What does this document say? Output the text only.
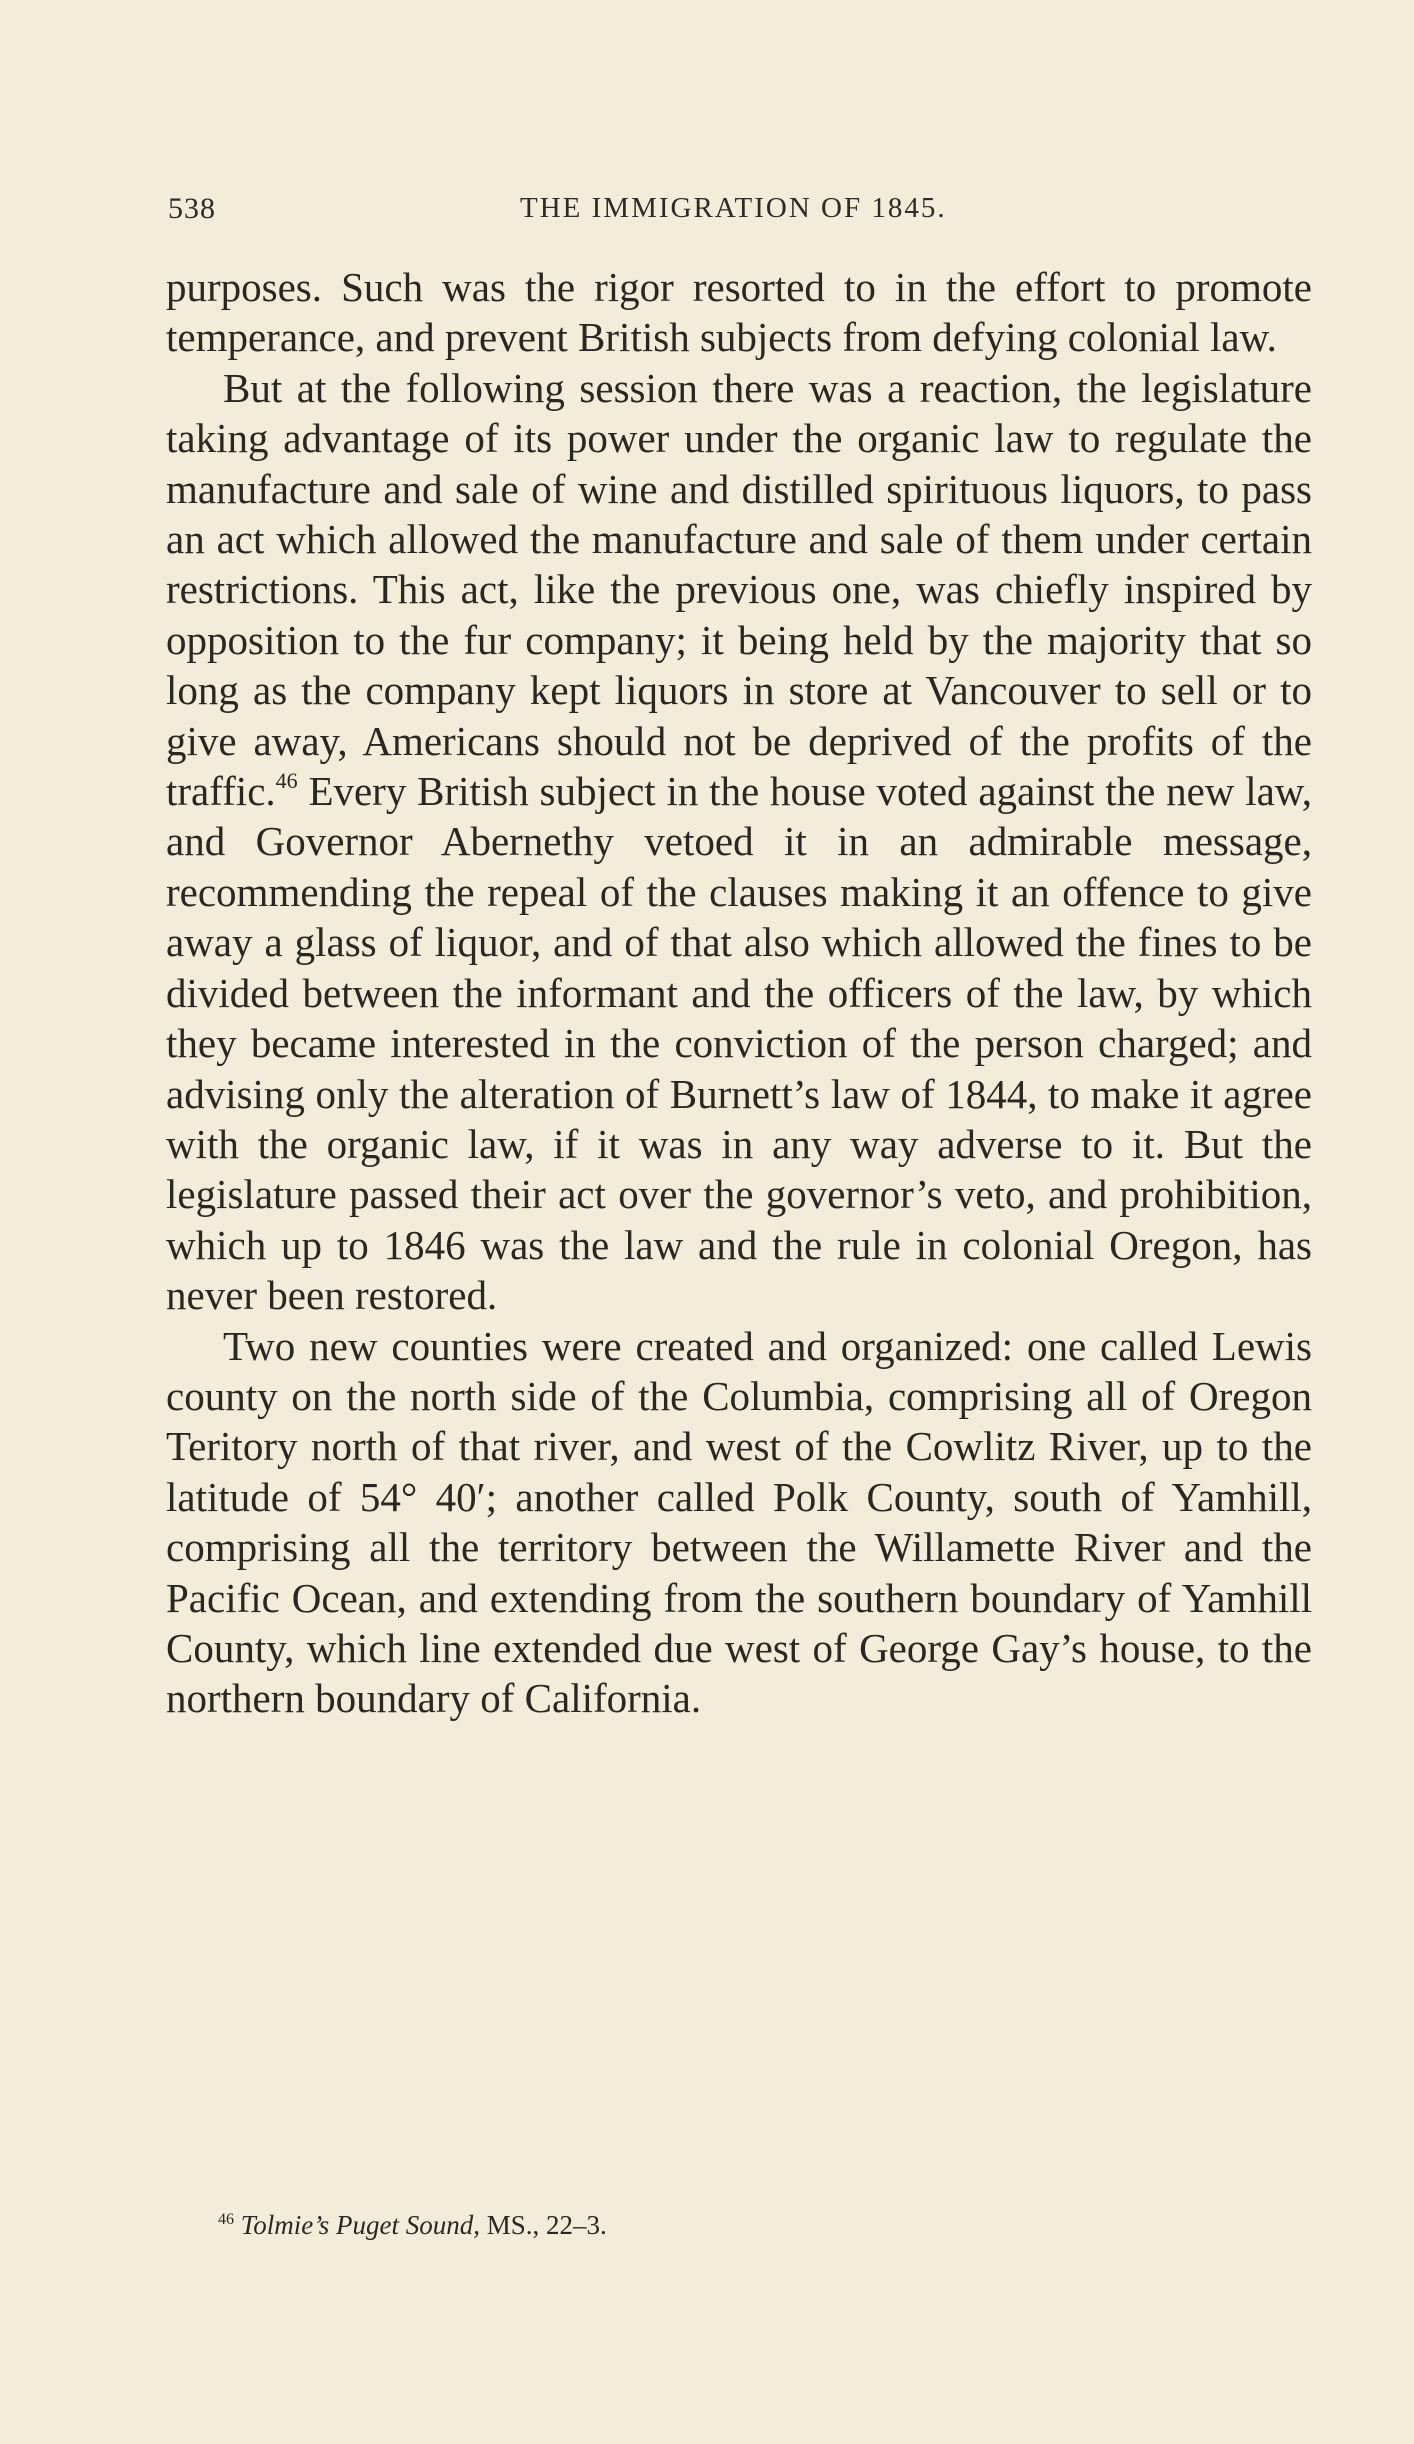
538	THE IMMIGRATION OF 1845.

purposes. Such was the rigor resorted to in the effort to promote temperance, and prevent British subjects from defying colonial law.

But at the following session there was a reaction, the legislature taking advantage of its power under the organic law to regulate the manufacture and sale of wine and distilled spirituous liquors, to pass an act which allowed the manufacture and sale of them under certain restrictions. This act, like the previous one, was chiefly inspired by opposition to the fur company; it being held by the majority that so long as the company kept liquors in store at Vancouver to sell or to give away, Americans should not be deprived of the profits of the traffic.$^{46}$ Every British subject in the house voted against the new law, and Governor Abernethy vetoed it in an admirable message, recommending the repeal of the clauses making it an offence to give away a glass of liquor, and of that also which allowed the fines to be divided between the informant and the officers of the law, by which they became interested in the conviction of the person charged; and advising only the alteration of Burnett’s law of 1844, to make it agree with the organic law, if it was in any way adverse to it. But the legislature passed their act over the governor’s veto, and prohibition, which up to 1846 was the law and the rule in colonial Oregon, has never been restored.

Two new counties were created and organized: one called Lewis county on the north side of the Columbia, comprising all of Oregon Teritory north of that river, and west of the Cowlitz River, up to the latitude of 54° 40′; another called Polk County, south of Yamhill, comprising all the territory between the Willamette River and the Pacific Ocean, and extending from the southern boundary of Yamhill County, which line extended due west of George Gay’s house, to the northern boundary of California.

$^{46}$ Tolmie’s Puget Sound, MS., 22–3.
